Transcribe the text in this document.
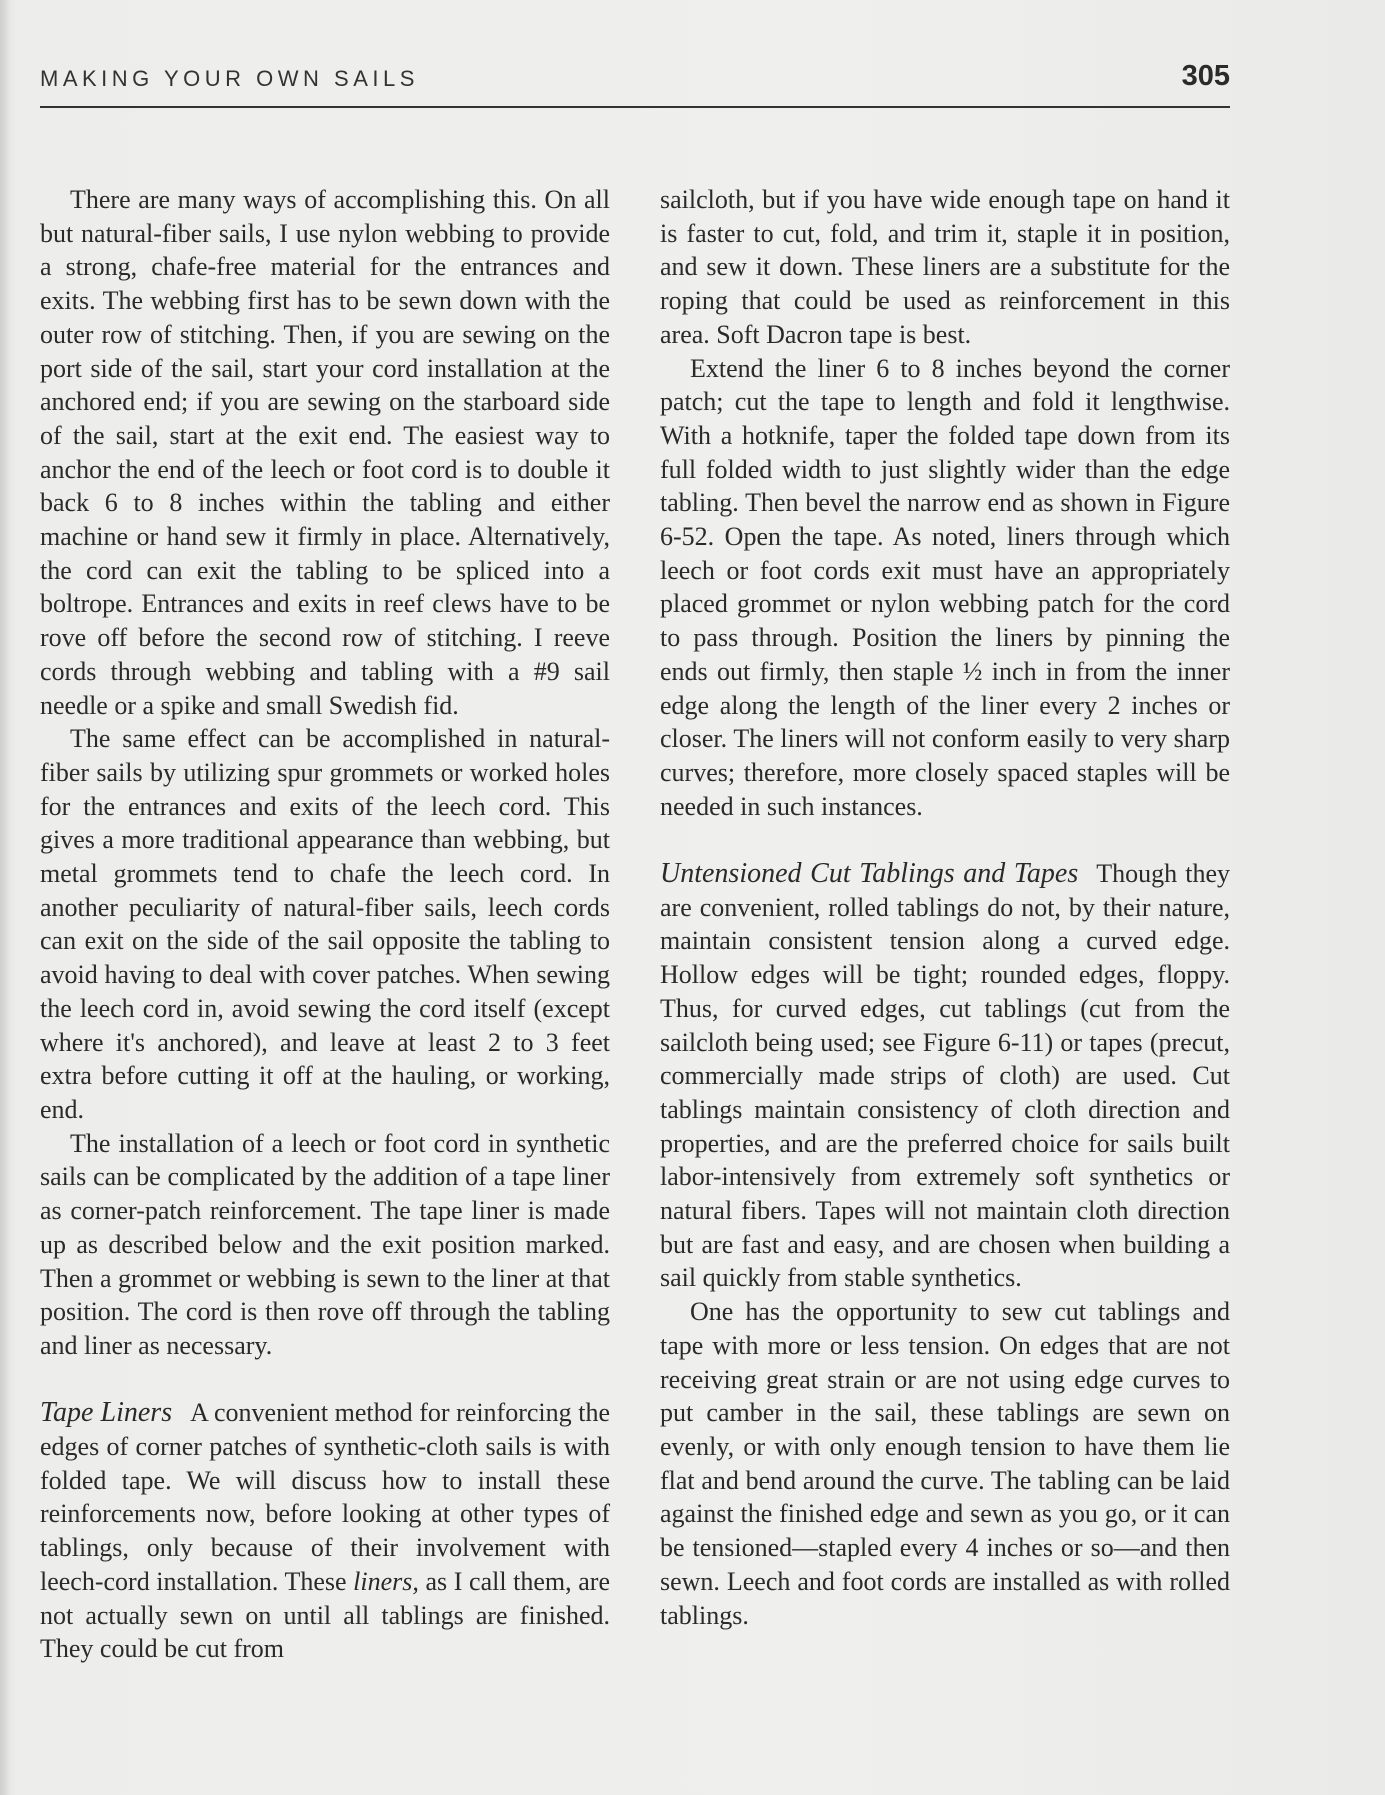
MAKING YOUR OWN SAILS	305

There are many ways of accomplishing this. On all but natural-fiber sails, I use nylon webbing to provide a strong, chafe-free material for the entrances and exits. The webbing first has to be sewn down with the outer row of stitching. Then, if you are sewing on the port side of the sail, start your cord installation at the anchored end; if you are sewing on the starboard side of the sail, start at the exit end. The easiest way to anchor the end of the leech or foot cord is to double it back 6 to 8 inches within the tabling and either machine or hand sew it firmly in place. Alternatively, the cord can exit the tabling to be spliced into a boltrope. Entrances and exits in reef clews have to be rove off before the second row of stitching. I reeve cords through webbing and tabling with a #9 sail needle or a spike and small Swedish fid.

The same effect can be accomplished in natural-fiber sails by utilizing spur grommets or worked holes for the entrances and exits of the leech cord. This gives a more traditional appearance than webbing, but metal grommets tend to chafe the leech cord. In another peculiarity of natural-fiber sails, leech cords can exit on the side of the sail opposite the tabling to avoid having to deal with cover patches. When sewing the leech cord in, avoid sewing the cord itself (except where it's anchored), and leave at least 2 to 3 feet extra before cutting it off at the hauling, or working, end.

The installation of a leech or foot cord in synthetic sails can be complicated by the addition of a tape liner as corner-patch reinforcement. The tape liner is made up as described below and the exit position marked. Then a grommet or webbing is sewn to the liner at that position. The cord is then rove off through the tabling and liner as necessary.

Tape Liners A convenient method for reinforcing the edges of corner patches of synthetic-cloth sails is with folded tape. We will discuss how to install these reinforcements now, before looking at other types of tablings, only because of their involvement with leech-cord installation. These liners, as I call them, are not actually sewn on until all tablings are finished. They could be cut from

sailcloth, but if you have wide enough tape on hand it is faster to cut, fold, and trim it, staple it in position, and sew it down. These liners are a substitute for the roping that could be used as reinforcement in this area. Soft Dacron tape is best.

Extend the liner 6 to 8 inches beyond the corner patch; cut the tape to length and fold it lengthwise. With a hotknife, taper the folded tape down from its full folded width to just slightly wider than the edge tabling. Then bevel the narrow end as shown in Figure 6-52. Open the tape. As noted, liners through which leech or foot cords exit must have an appropriately placed grommet or nylon webbing patch for the cord to pass through. Position the liners by pinning the ends out firmly, then staple ½ inch in from the inner edge along the length of the liner every 2 inches or closer. The liners will not conform easily to very sharp curves; therefore, more closely spaced staples will be needed in such instances.

Untensioned Cut Tablings and Tapes Though they are convenient, rolled tablings do not, by their nature, maintain consistent tension along a curved edge. Hollow edges will be tight; rounded edges, floppy. Thus, for curved edges, cut tablings (cut from the sailcloth being used; see Figure 6-11) or tapes (precut, commercially made strips of cloth) are used. Cut tablings maintain consistency of cloth direction and properties, and are the preferred choice for sails built labor-intensively from extremely soft synthetics or natural fibers. Tapes will not maintain cloth direction but are fast and easy, and are chosen when building a sail quickly from stable synthetics.

One has the opportunity to sew cut tablings and tape with more or less tension. On edges that are not receiving great strain or are not using edge curves to put camber in the sail, these tablings are sewn on evenly, or with only enough tension to have them lie flat and bend around the curve. The tabling can be laid against the finished edge and sewn as you go, or it can be tensioned—stapled every 4 inches or so—and then sewn. Leech and foot cords are installed as with rolled tablings.
